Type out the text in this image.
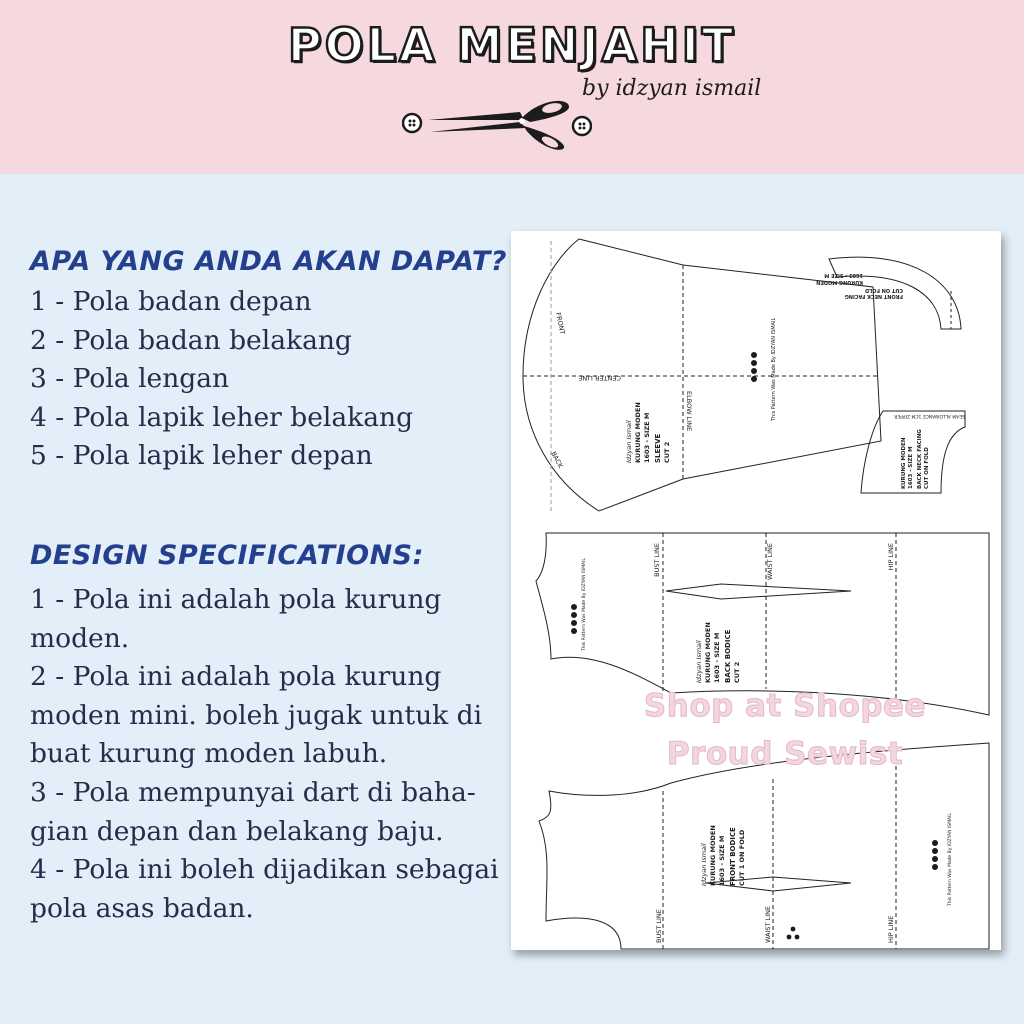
POLA MENJAHIT
by idzyan ismail
APA YANG ANDA AKAN DAPAT?
1 - Pola badan depan
2 - Pola badan belakang
3 - Pola lengan
4 - Pola lapik leher belakang
5 - Pola lapik leher depan
DESIGN SPECIFICATIONS:
1 - Pola ini adalah pola kurung
moden.
2 - Pola ini adalah pola kurung
moden mini. boleh jugak untuk di
buat kurung moden labuh.
3 - Pola mempunyai dart di baha-
gian depan dan belakang baju.
4 - Pola ini boleh dijadikan sebagai
pola asas badan.
FRONT
BACK
CENTER LINE
ELBOW LINE
Idzyan Ismail KURUNG MODEN 1603 - SIZE M SLEEVE CUT 2
This Pattern Was Made By IDZYAN ISMAIL
KURUNG MODEN
1603 - SIZE M
FRONT NECK FACING
CUT ON FOLD
SEAM ALLOWANCE 1CM ZIPPER
KURUNG MODEN 1603 - SIZE M BACK NECK FACING CUT ON FOLD
BUST LINE	WAIST LINE	HIP LINE
Idzyan Ismail KURUNG MODEN 1603 - SIZE M BACK BODICE CUT 2
This Pattern Was Made By IDZYAN ISMAIL
BUST LINE	WAIST LINE	HIP LINE
Idzyan Ismail KURUNG MODEN 1603 - SIZE M FRONT BODICE CUT 1 ON FOLD	This Pattern Was Made By IDZYAN ISMAIL
Shop at Shopee
Proud Sewist
